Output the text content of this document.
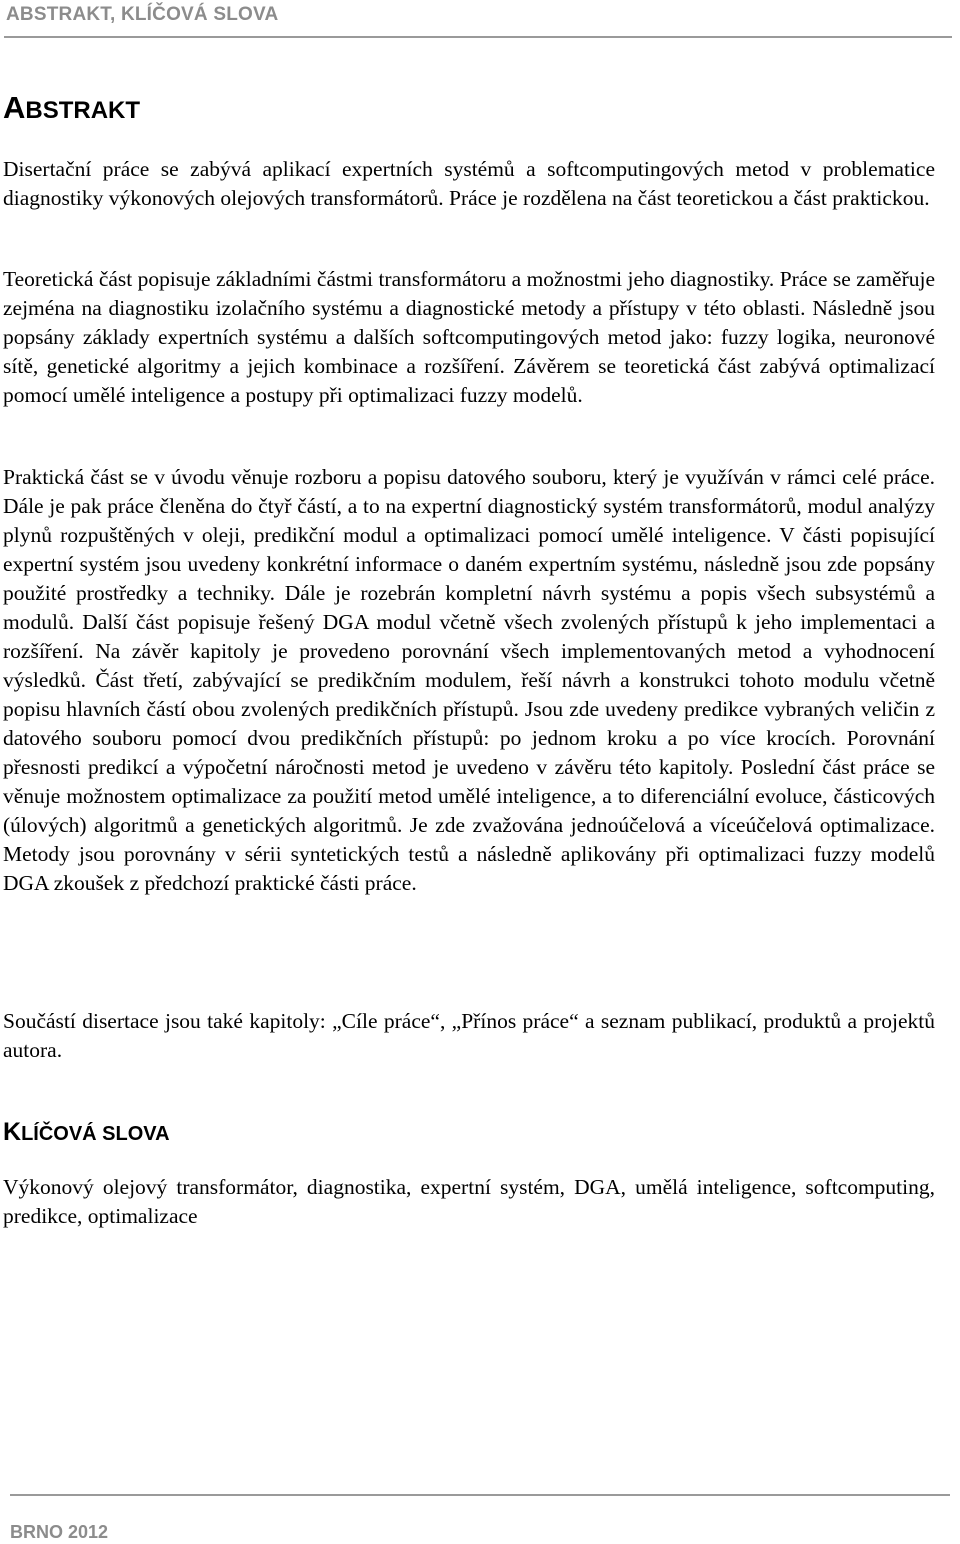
ABSTRAKT, KLÍČOVÁ SLOVA
ABSTRAKT

Disertační práce se zabývá aplikací expertních systémů a softcomputingových metod v problematice diagnostiky výkonových olejových transformátorů. Práce je rozdělena na část teoretickou a část praktickou.

Teoretická část popisuje základními částmi transformátoru a možnostmi jeho diagnostiky. Práce se zaměřuje zejména na diagnostiku izolačního systému a diagnostické metody a přístupy v této oblasti. Následně jsou popsány základy expertních systému a dalších softcomputingových metod jako: fuzzy logika, neuronové sítě, genetické algoritmy a jejich kombinace a rozšíření. Závěrem se teoretická část zabývá optimalizací pomocí umělé inteligence a postupy při optimalizaci fuzzy modelů.

Praktická část se v úvodu věnuje rozboru a popisu datového souboru, který je využíván v rámci celé práce. Dále je pak práce členěna do čtyř částí, a to na expertní diagnostický systém transformátorů, modul analýzy plynů rozpuštěných v oleji, predikční modul a optimalizaci pomocí umělé inteligence. V části popisující expertní systém jsou uvedeny konkrétní informace o daném expertním systému, následně jsou zde popsány použité prostředky a techniky. Dále je rozebrán kompletní návrh systému a popis všech subsystémů a modulů. Další část popisuje řešený DGA modul včetně všech zvolených přístupů k jeho implementaci a rozšíření. Na závěr kapitoly je provedeno porovnání všech implementovaných metod a vyhodnocení výsledků. Část třetí, zabývající se predikčním modulem, řeší návrh a konstrukci tohoto modulu včetně popisu hlavních částí obou zvolených predikčních přístupů. Jsou zde uvedeny predikce vybraných veličin z datového souboru pomocí dvou predikčních přístupů: po jednom kroku a po více krocích. Porovnání přesnosti predikcí a výpočetní náročnosti metod je uvedeno v závěru této kapitoly. Poslední část práce se věnuje možnostem optimalizace za použití metod umělé inteligence, a to diferenciální evoluce, částicových (úlových) algoritmů a genetických algoritmů. Je zde zvažována jednoúčelová a víceúčelová optimalizace. Metody jsou porovnány v sérii syntetických testů a následně aplikovány při optimalizaci fuzzy modelů DGA zkoušek z předchozí praktické části práce.

Součástí disertace jsou také kapitoly: „Cíle práce“, „Přínos práce“ a seznam publikací, produktů a projektů autora.

KLÍČOVÁ SLOVA

Výkonový olejový transformátor, diagnostika, expertní systém, DGA, umělá inteligence, softcomputing, predikce, optimalizace

BRNO 2012
